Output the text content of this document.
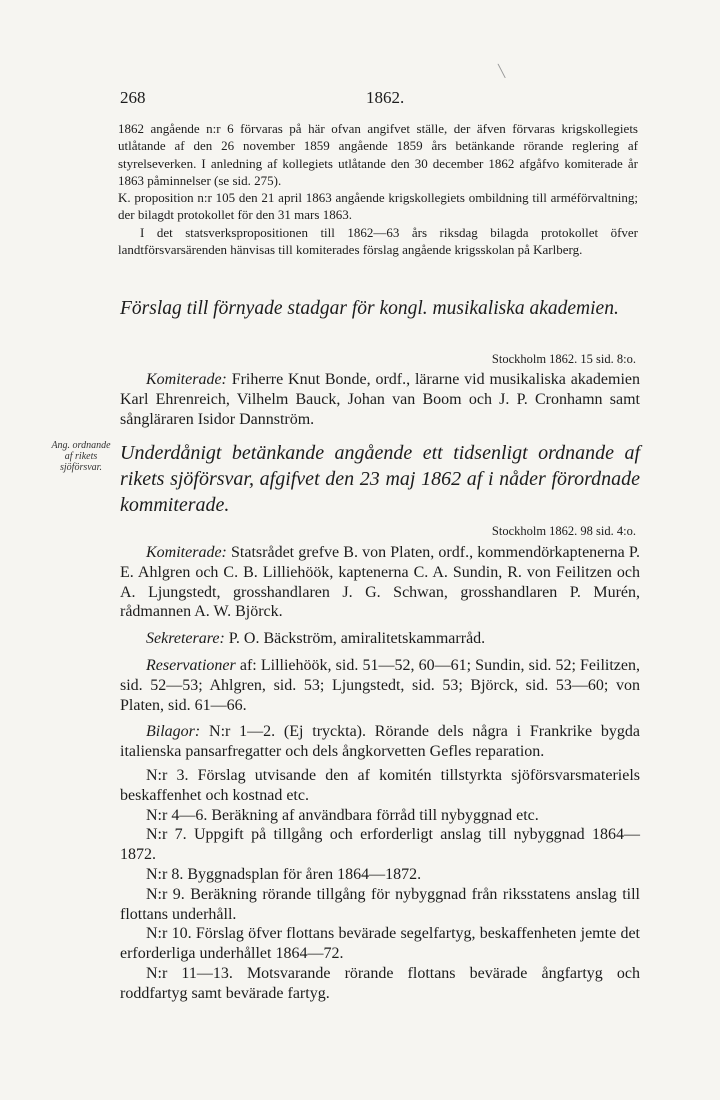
╲
268	1862.

1862 angående n:r 6 förvaras på här ofvan angifvet ställe, der äfven förvaras krigskollegiets utlåtande af den 26 november 1859 angående 1859 års betänkande rörande reglering af styrelseverken. I anledning af kollegiets utlåtande den 30 december 1862 afgåfvo komiterade år 1863 påminnelser (se sid. 275).

K. proposition n:r 105 den 21 april 1863 angående krigskollegiets ombildning till arméförvaltning; der bilagdt protokollet för den 31 mars 1863.

I det statsverkspropositionen till 1862—63 års riksdag bilagda protokollet öfver landtförsvarsärenden hänvisas till komiterades förslag angående krigsskolan på Karlberg.

Förslag till förnyade stadgar för kongl. musikaliska akademien.

Stockholm 1862. 15 sid. 8:o.

Komiterade: Friherre Knut Bonde, ordf., lärarne vid musikaliska akademien Karl Ehrenreich, Vilhelm Bauck, Johan van Boom och J. P. Cronhamn samt sångläraren Isidor Dannström.

Ang. ordnande af rikets sjöförsvar.

Underdånigt betänkande angående ett tidsenligt ordnande af rikets sjöförsvar, afgifvet den 23 maj 1862 af i nåder förordnade kommiterade.

Stockholm 1862. 98 sid. 4:o.

Komiterade: Statsrådet grefve B. von Platen, ordf., kommendörkaptenerna P. E. Ahlgren och C. B. Lilliehöök, kaptenerna C. A. Sundin, R. von Feilitzen och A. Ljungstedt, grosshandlaren J. G. Schwan, grosshandlaren P. Murén, rådmannen A. W. Björck.

Sekreterare: P. O. Bäckström, amiralitetskammarråd.

Reservationer af: Lilliehöök, sid. 51—52, 60—61; Sundin, sid. 52; Feilitzen, sid. 52—53; Ahlgren, sid. 53; Ljungstedt, sid. 53; Björck, sid. 53—60; von Platen, sid. 61—66.

Bilagor: N:r 1—2. (Ej tryckta). Rörande dels några i Frankrike bygda italienska pansarfregatter och dels ångkorvetten Gefles reparation.

N:r 3. Förslag utvisande den af komitén tillstyrkta sjöförsvarsmateriels beskaffenhet och kostnad etc.

N:r 4—6. Beräkning af användbara förråd till nybyggnad etc.

N:r 7. Uppgift på tillgång och erforderligt anslag till nybyggnad 1864—1872.

N:r 8. Byggnadsplan för åren 1864—1872.

N:r 9. Beräkning rörande tillgång för nybyggnad från riksstatens anslag till flottans underhåll.

N:r 10. Förslag öfver flottans bevärade segelfartyg, beskaffenheten jemte det erforderliga underhållet 1864—72.

N:r 11—13. Motsvarande rörande flottans bevärade ångfartyg och roddfartyg samt bevärade fartyg.
